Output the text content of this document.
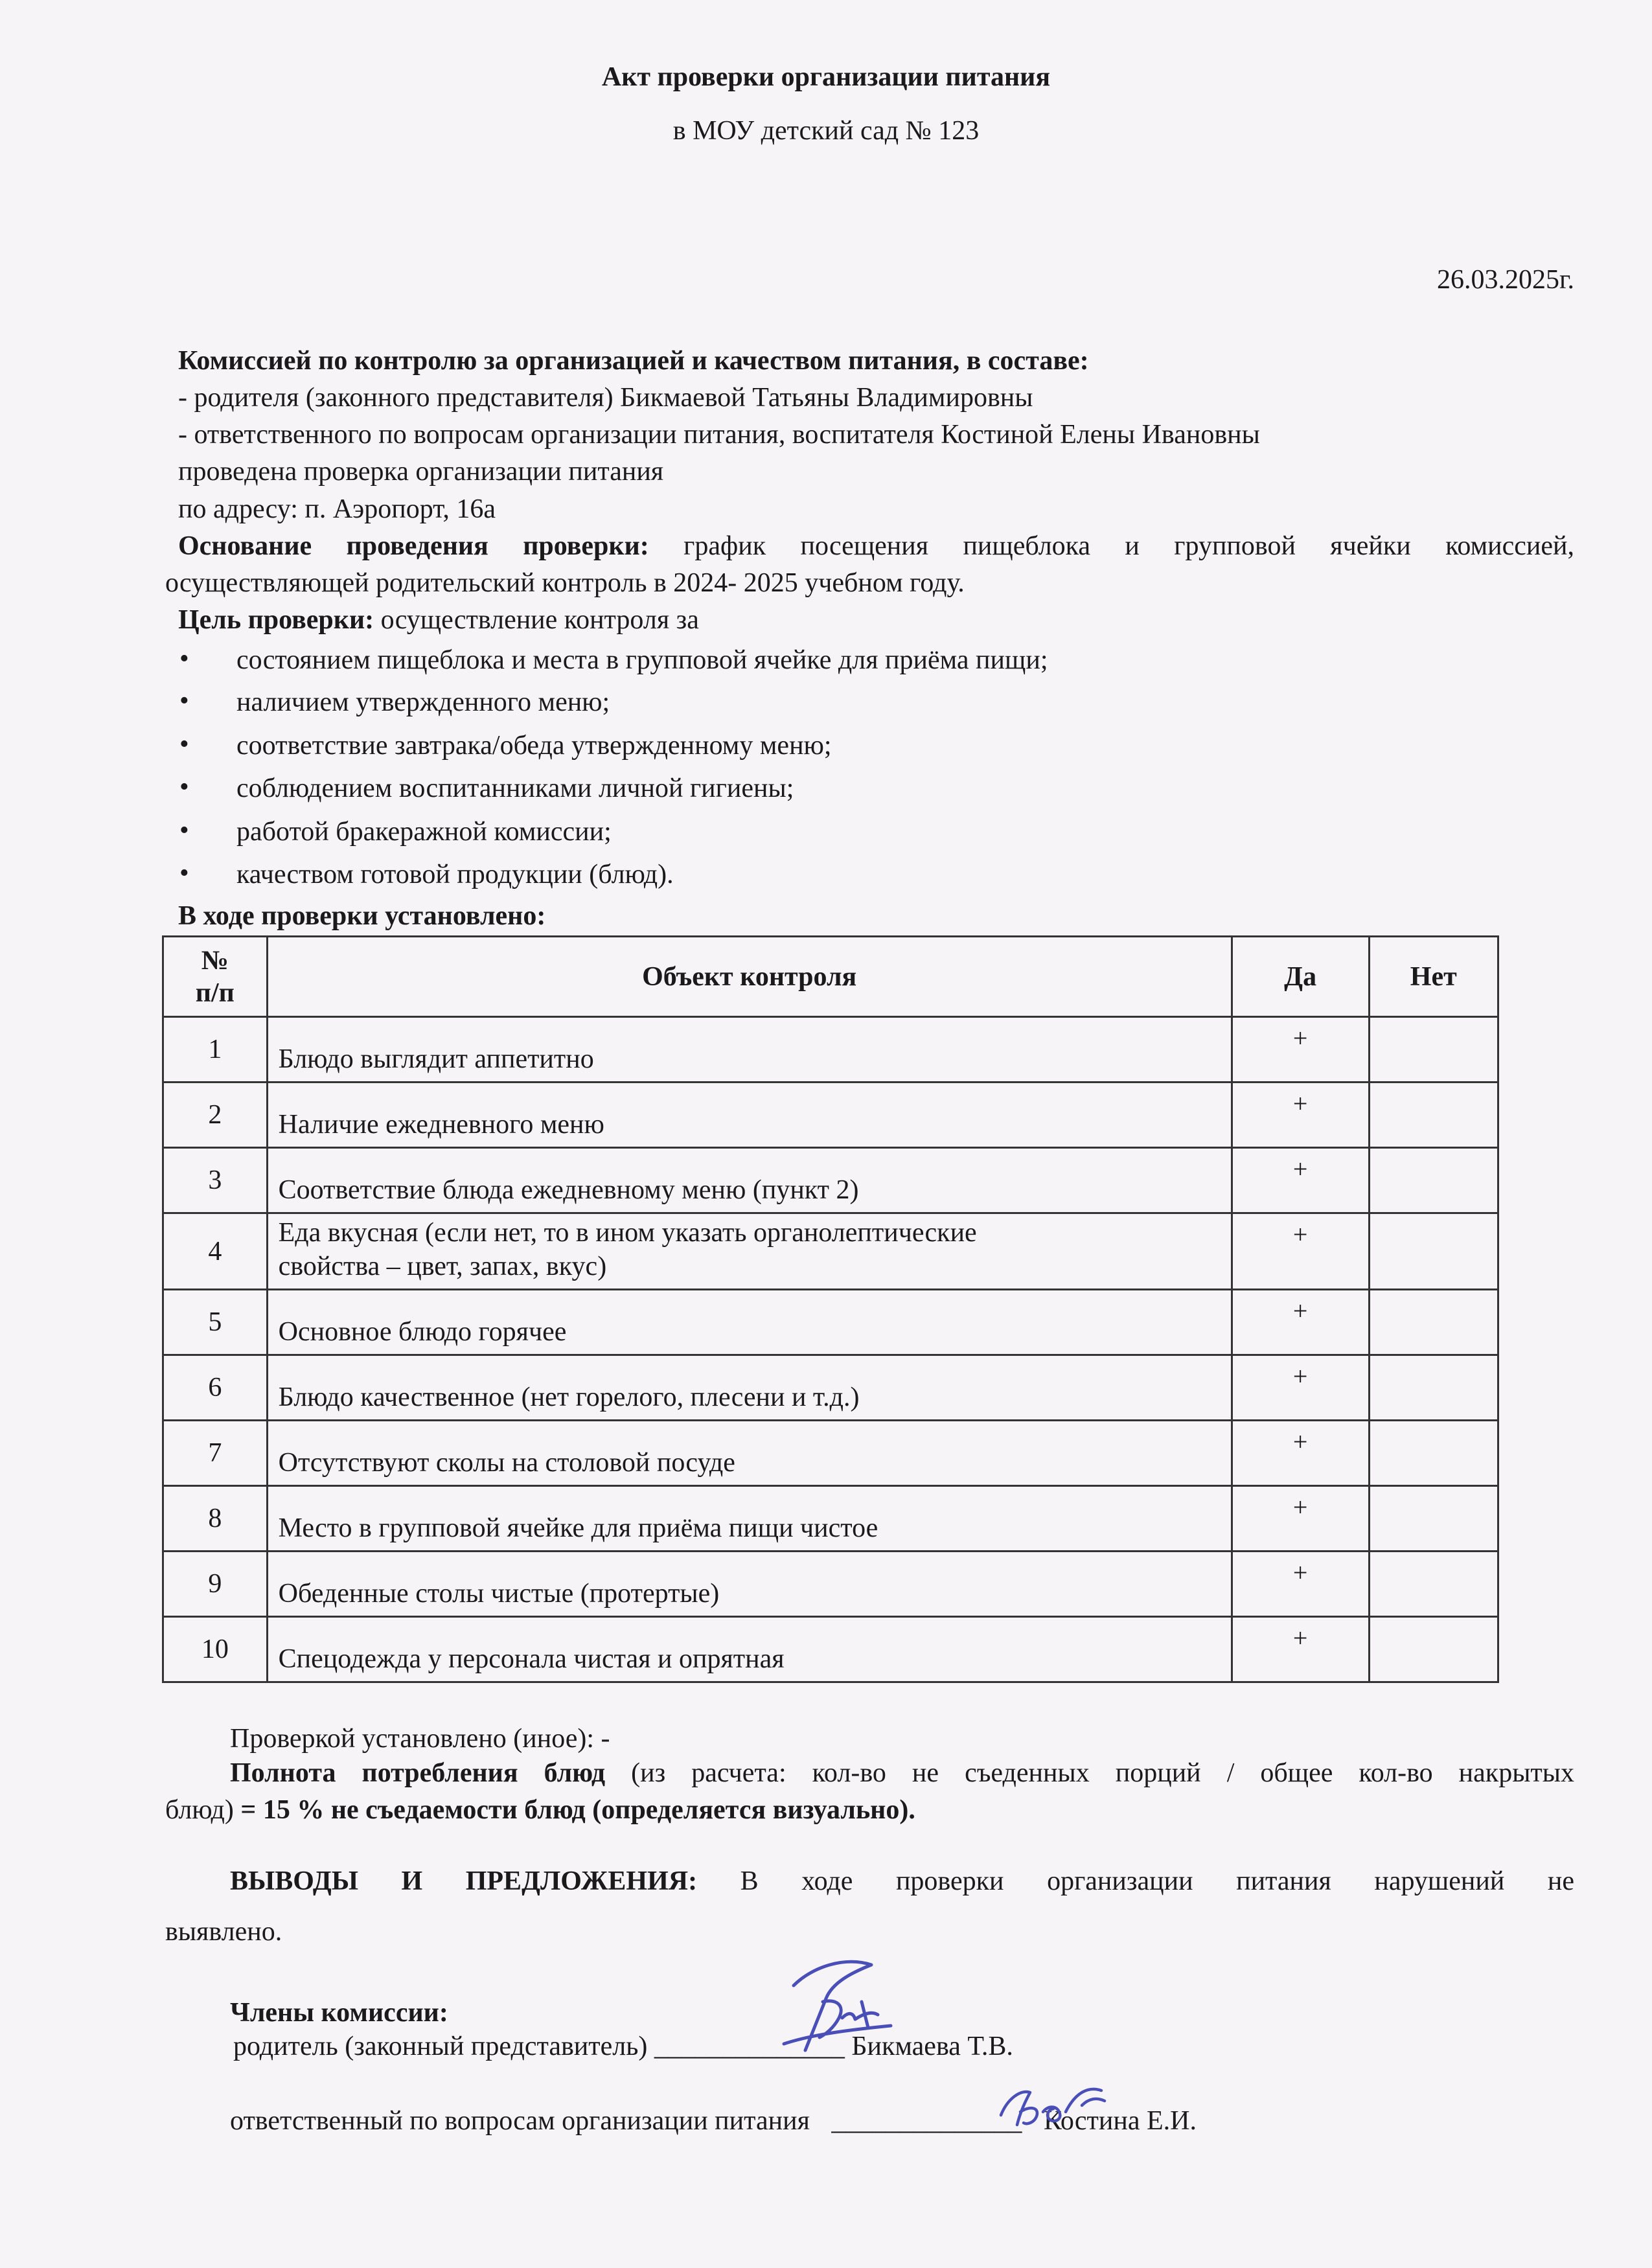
Акт проверки организации питания
в МОУ детский сад № 123
26.03.2025г.
Комиссией по контролю за организацией и качеством питания, в составе:
- родителя (законного представителя) Бикмаевой Татьяны Владимировны
- ответственного по вопросам организации питания, воспитателя Костиной Елены Ивановны
проведена проверка организации питания
по адресу: п. Аэропорт, 16а
Основание проведения проверки: график посещения пищеблока и групповой ячейки комиссией,
осуществляющей родительский контроль в 2024- 2025 учебном году.
Цель проверки: осуществление контроля за
• состоянием пищеблока и места в групповой ячейке для приёма пищи;
• наличием утвержденного меню;
• соответствие завтрака/обеда утвержденному меню;
• соблюдением воспитанниками личной гигиены;
• работой бракеражной комиссии;
• качеством готовой продукции (блюд).
В ходе проверки установлено:
№
п/п	Объект контроля	Да	Нет
1	Блюдо выглядит аппетитно	+	
2	Наличие ежедневного меню	+	
3	Соответствие блюда ежедневному меню (пункт 2)	+	
4	Еда вкусная (если нет, то в ином указать органолептические
свойства – цвет, запах, вкус)	+	
5	Основное блюдо горячее	+	
6	Блюдо качественное (нет горелого, плесени и т.д.)	+	
7	Отсутствуют сколы на столовой посуде	+	
8	Место в групповой ячейке для приёма пищи чистое	+	
9	Обеденные столы чистые (протертые)	+	
10	Спецодежда у персонала чистая и опрятная	+	
Проверкой установлено (иное): -
Полнота потребления блюд (из расчета: кол-во не съеденных порций / общее кол-во накрытых
блюд) = 15 % не съедаемости блюд (определяется визуально).
ВЫВОДЫ И ПРЕДЛОЖЕНИЯ: В ходе проверки организации питания нарушений не
выявлено.
Члены комиссии:
родитель (законный представитель) ______________ Бикмаева Т.В.
ответственный по вопросам организации питания ______________ Костина Е.И.
